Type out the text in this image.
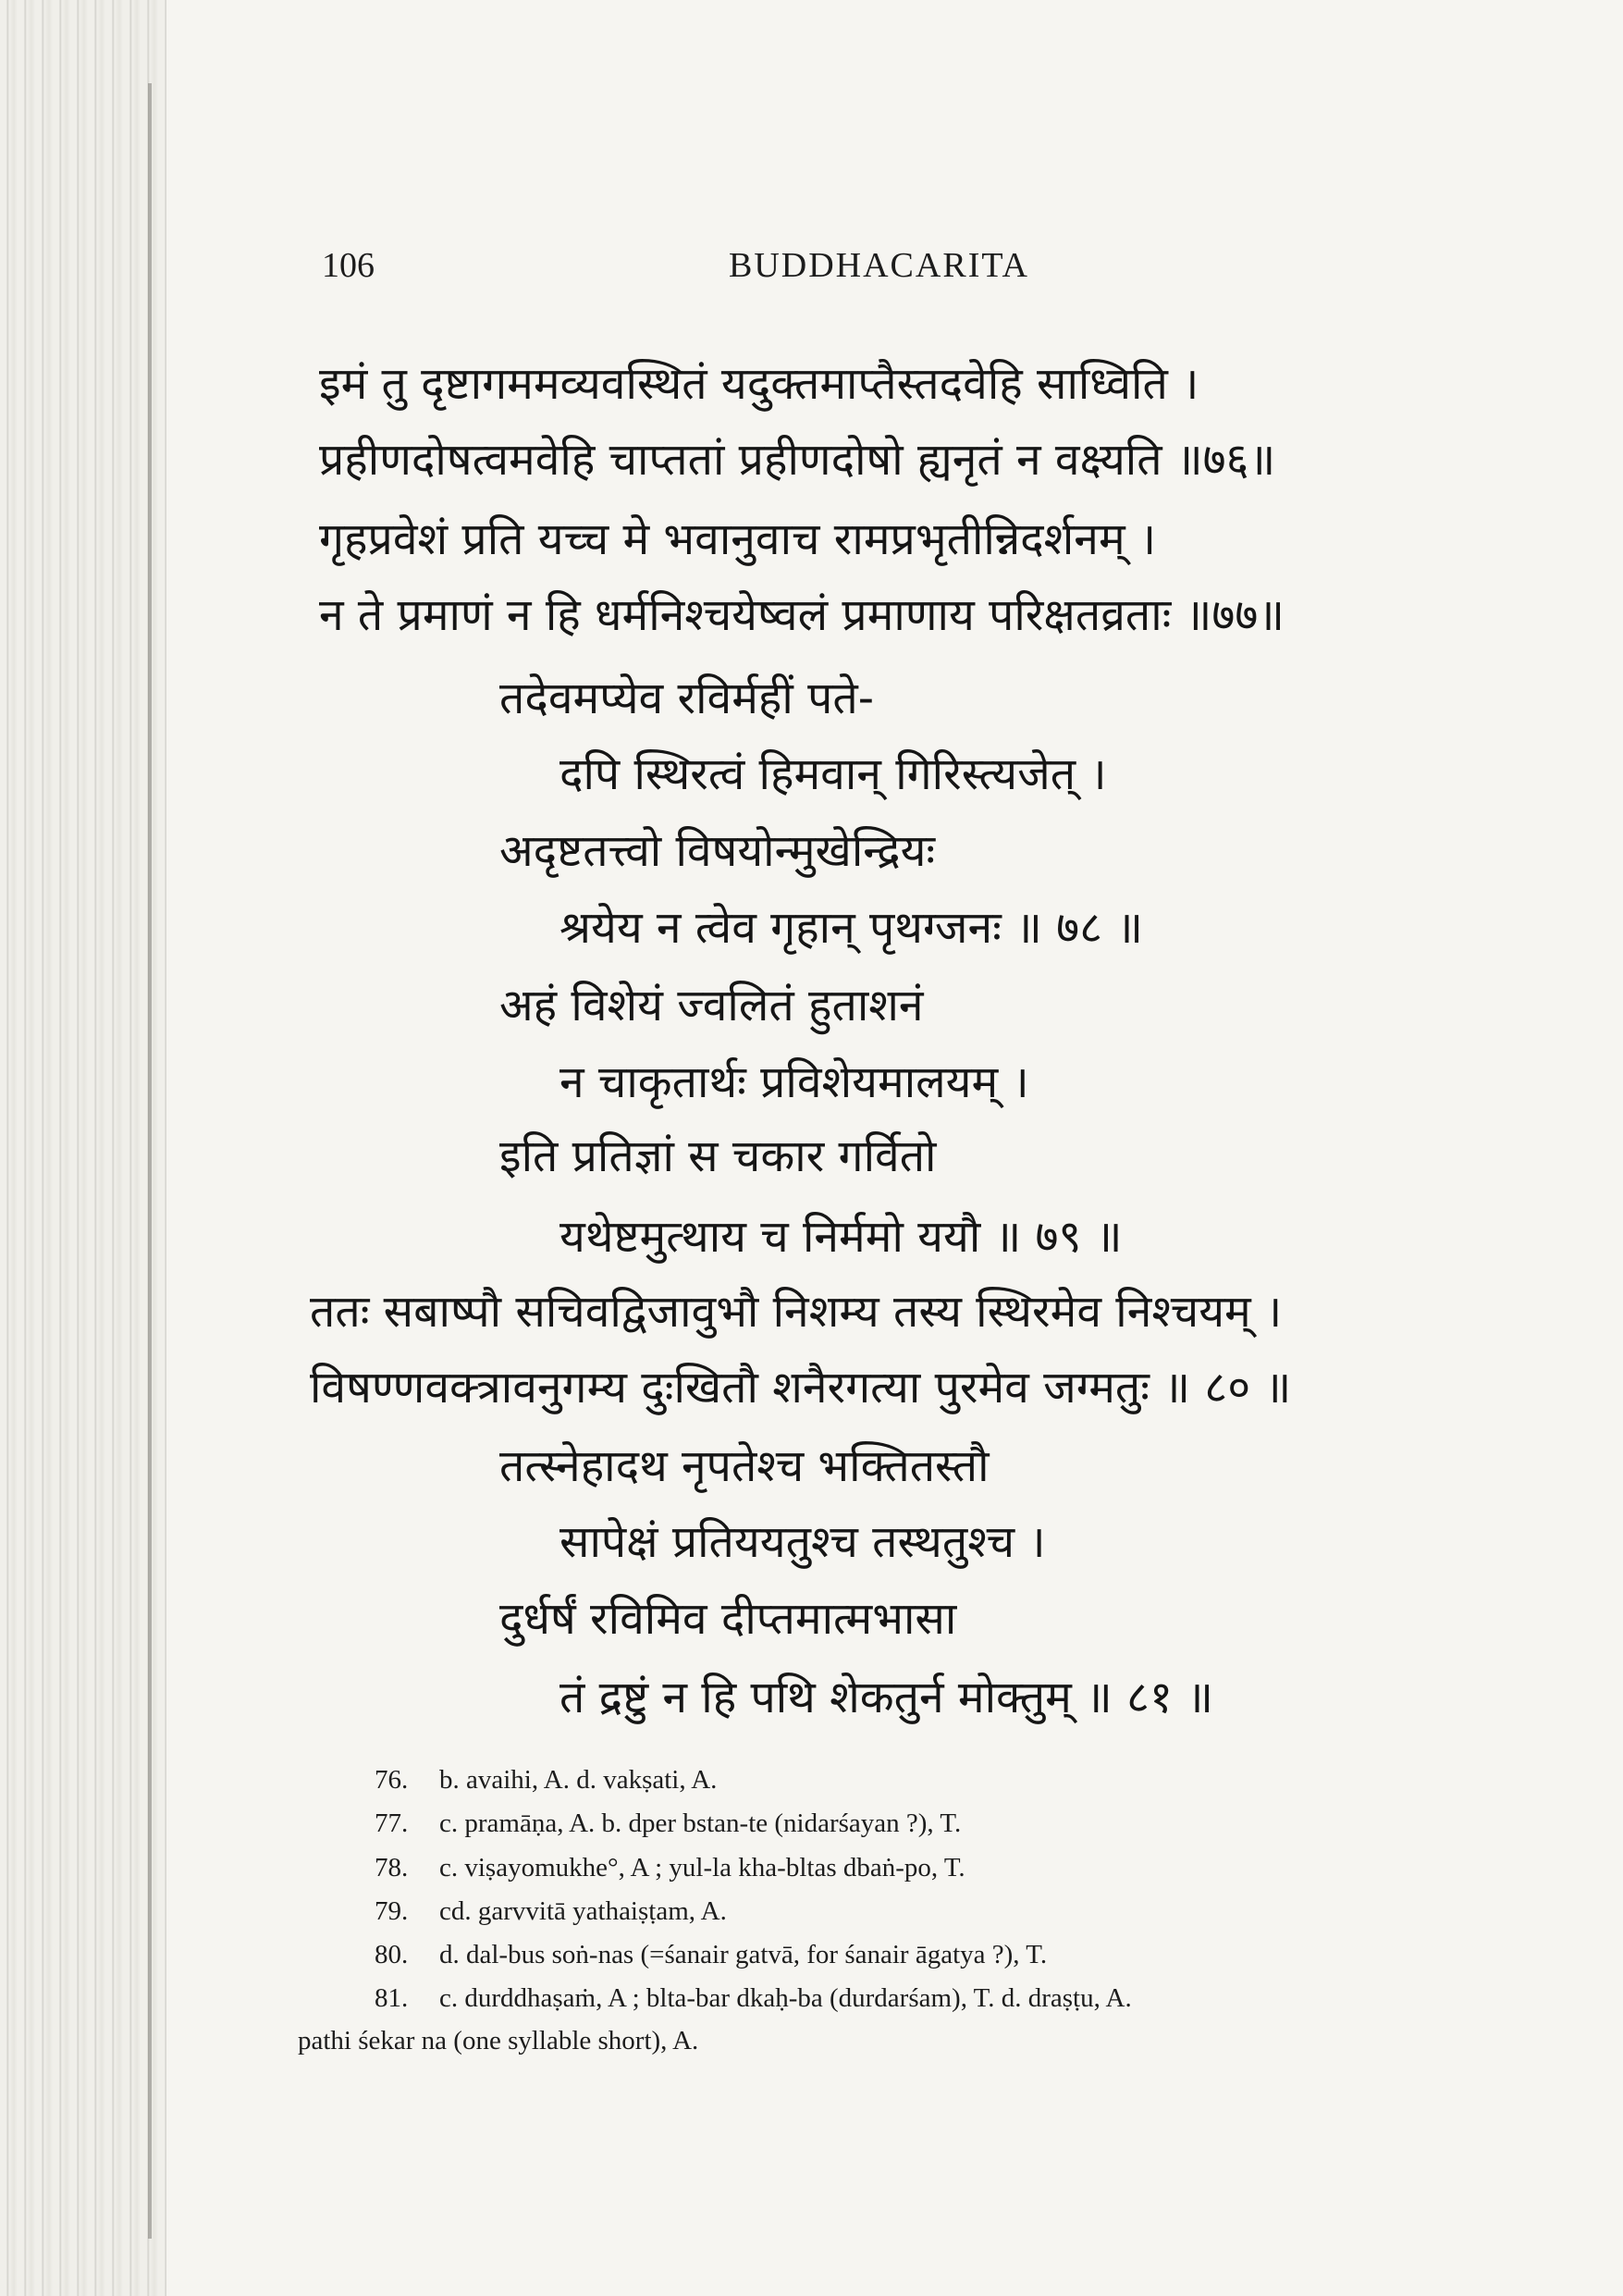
106	BUDDHACARITA
इमं तु दृष्टागममव्यवस्थितं यदुक्तमाप्तैस्तदवेहि साध्विति ।
प्रहीणदोषत्वमवेहि चाप्ततां प्रहीणदोषो ह्यनृतं न वक्ष्यति ॥७६॥
गृहप्रवेशं प्रति यच्च मे भवानुवाच रामप्रभृतीन्निदर्शनम् ।
न ते प्रमाणं न हि धर्मनिश्चयेष्वलं प्रमाणाय परिक्षतव्रताः ॥७७॥
तदेवमप्येव रविर्महीं पते-
दपि स्थिरत्वं हिमवान् गिरिस्त्यजेत् ।
अदृष्टतत्त्वो विषयोन्मुखेन्द्रियः
श्रयेय न त्वेव गृहान् पृथग्जनः ॥ ७८ ॥
अहं विशेयं ज्वलितं हुताशनं
न चाकृतार्थः प्रविशेयमालयम् ।
इति प्रतिज्ञां स चकार गर्वितो
यथेष्टमुत्थाय च निर्ममो ययौ ॥ ७९ ॥
ततः सबाष्पौ सचिवद्विजावुभौ निशम्य तस्य स्थिरमेव निश्चयम् ।
विषण्णवक्त्रावनुगम्य दुःखितौ शनैरगत्या पुरमेव जग्मतुः ॥ ८० ॥
तत्स्नेहादथ नृपतेश्च भक्तितस्तौ
सापेक्षं प्रतिययतुश्च तस्थतुश्च ।
दुर्धर्षं रविमिव दीप्तमात्मभासा
तं द्रष्टुं न हि पथि शेकतुर्न मोक्तुम् ॥ ८१ ॥
76. b. avaihi, A. d. vakṣati, A.
77. c. pramāṇa, A. b. dper bstan-te (nidarśayan ?), T.
78. c. viṣayomukhe°, A ; yul-la kha-bltas dbaṅ-po, T.
79. cd. garvvitā yathaiṣṭam, A.
80. d. dal-bus soṅ-nas (=śanair gatvā, for śanair āgatya ?), T.
81. c. durddhaṣaṁ, A ; blta-bar dkaḥ-ba (durdarśam), T. d. draṣṭu, A.
pathi śekar na (one syllable short), A.
